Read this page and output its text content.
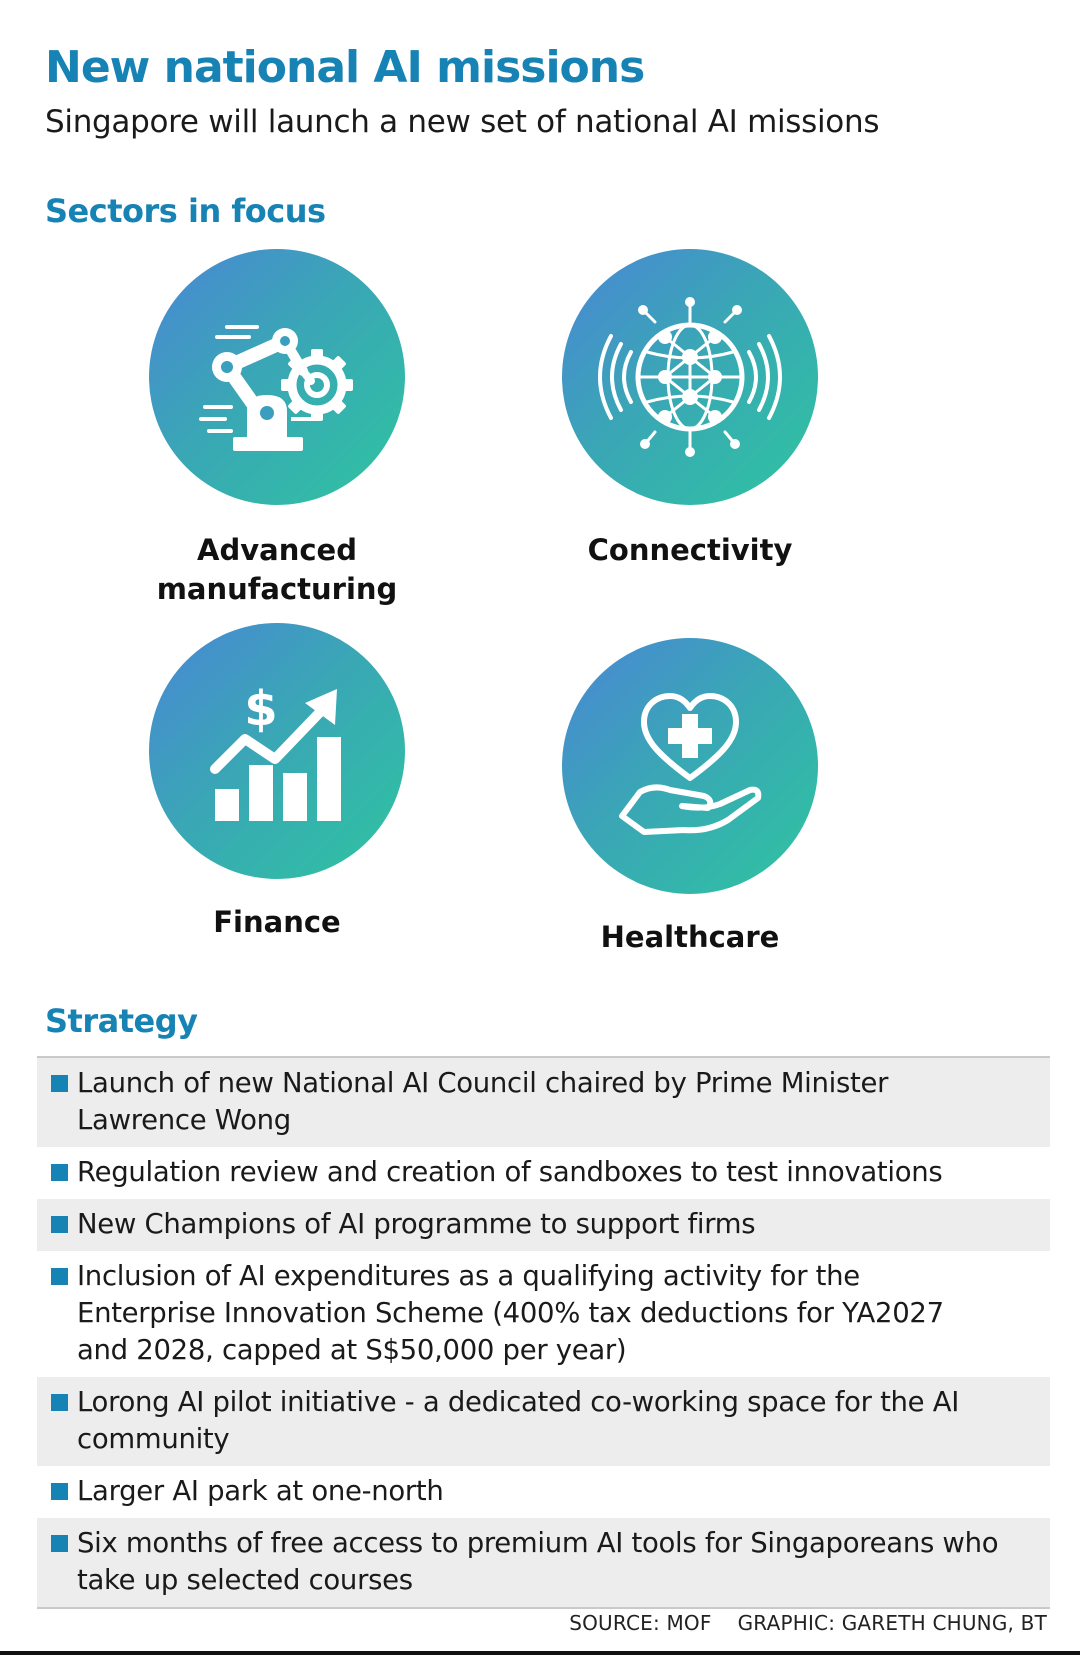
New national AI missions
Singapore will launch a new set of national AI missions
Sectors in focus
Advanced
manufacturing
Connectivity
$
Finance	Healthcare
Strategy
Launch of new National AI Council chaired by Prime Minister
Lawrence Wong
Regulation review and creation of sandboxes to test innovations
New Champions of AI programme to support firms
Inclusion of AI expenditures as a qualifying activity for the
Enterprise Innovation Scheme (400% tax deductions for YA2027
and 2028, capped at S$50,000 per year)
Lorong AI pilot initiative - a dedicated co-working space for the AI
community
Larger AI park at one-north
Six months of free access to premium AI tools for Singaporeans who
take up selected courses
SOURCE: MOF GRAPHIC: GARETH CHUNG, BT
